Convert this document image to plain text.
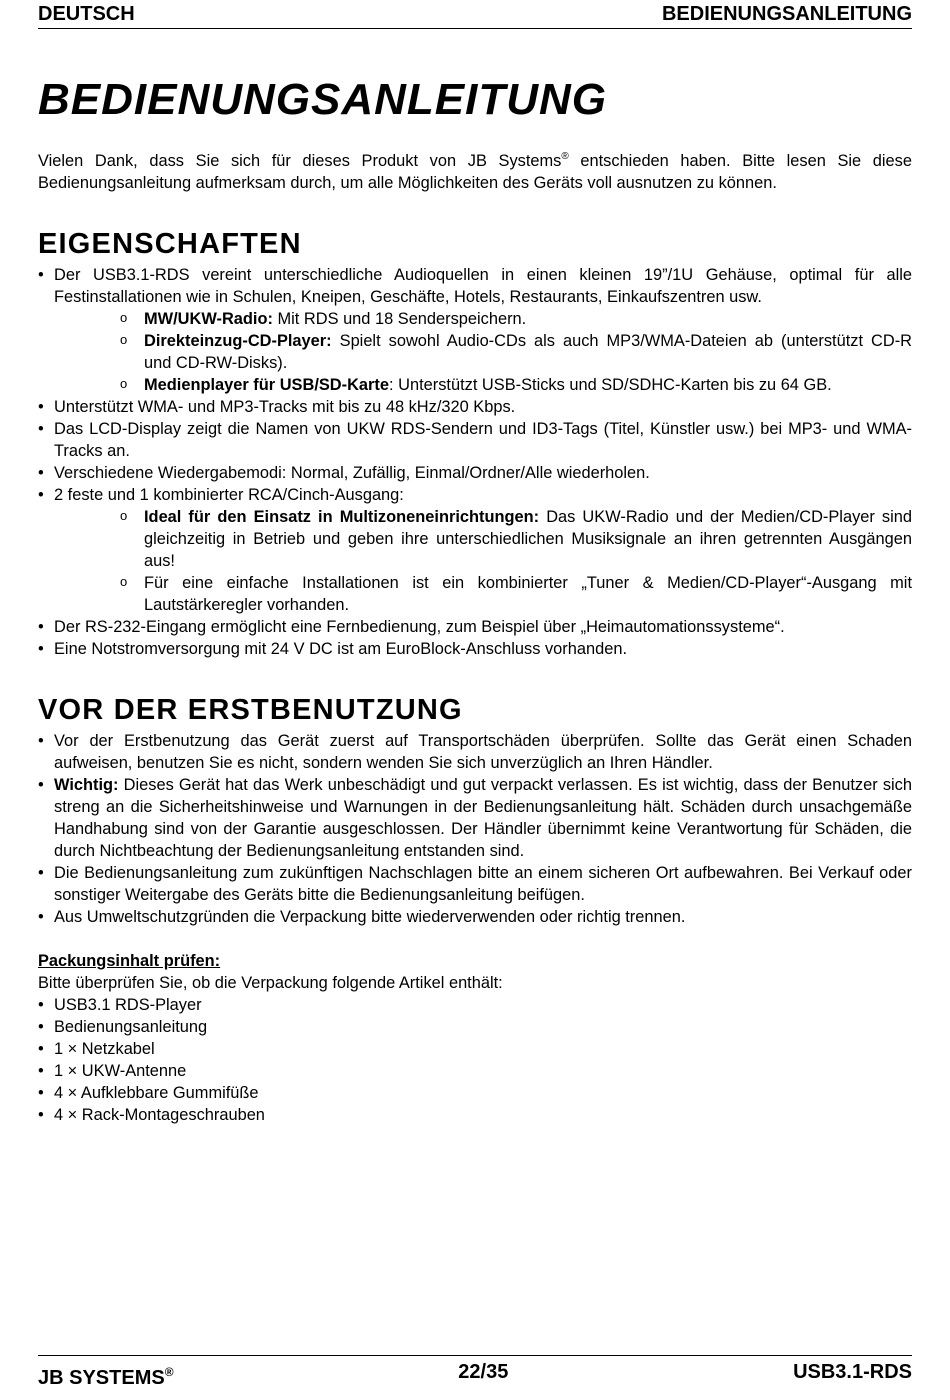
DEUTSCH	BEDIENUNGSANLEITUNG
BEDIENUNGSANLEITUNG

Vielen Dank, dass Sie sich für dieses Produkt von JB Systems® entschieden haben. Bitte lesen Sie diese Bedienungsanleitung aufmerksam durch, um alle Möglichkeiten des Geräts voll ausnutzen zu können.

EIGENSCHAFTEN
• Der USB3.1-RDS vereint unterschiedliche Audioquellen in einen kleinen 19”/1U Gehäuse, optimal für alle Festinstallationen wie in Schulen, Kneipen, Geschäfte, Hotels, Restaurants, Einkaufszentren usw.
o MW/UKW-Radio: Mit RDS und 18 Senderspeichern.
o Direkteinzug-CD-Player: Spielt sowohl Audio-CDs als auch MP3/WMA-Dateien ab (unterstützt CD-R und CD-RW-Disks).
o Medienplayer für USB/SD-Karte: Unterstützt USB-Sticks und SD/SDHC-Karten bis zu 64 GB.
• Unterstützt WMA- und MP3-Tracks mit bis zu 48 kHz/320 Kbps.
• Das LCD-Display zeigt die Namen von UKW RDS-Sendern und ID3-Tags (Titel, Künstler usw.) bei MP3- und WMA-Tracks an.
• Verschiedene Wiedergabemodi: Normal, Zufällig, Einmal/Ordner/Alle wiederholen.
• 2 feste und 1 kombinierter RCA/Cinch-Ausgang:
o Ideal für den Einsatz in Multizoneneinrichtungen: Das UKW-Radio und der Medien/CD-Player sind gleichzeitig in Betrieb und geben ihre unterschiedlichen Musiksignale an ihren getrennten Ausgängen aus!
o Für eine einfache Installationen ist ein kombinierter „Tuner & Medien/CD-Player“-Ausgang mit Lautstärkeregler vorhanden.
• Der RS-232-Eingang ermöglicht eine Fernbedienung, zum Beispiel über „Heimautomationssysteme“.
• Eine Notstromversorgung mit 24 V DC ist am EuroBlock-Anschluss vorhanden.
VOR DER ERSTBENUTZUNG
• Vor der Erstbenutzung das Gerät zuerst auf Transportschäden überprüfen. Sollte das Gerät einen Schaden aufweisen, benutzen Sie es nicht, sondern wenden Sie sich unverzüglich an Ihren Händler.
• Wichtig: Dieses Gerät hat das Werk unbeschädigt und gut verpackt verlassen. Es ist wichtig, dass der Benutzer sich streng an die Sicherheitshinweise und Warnungen in der Bedienungsanleitung hält. Schäden durch unsachgemäße Handhabung sind von der Garantie ausgeschlossen. Der Händler übernimmt keine Verantwortung für Schäden, die durch Nichtbeachtung der Bedienungsanleitung entstanden sind.
• Die Bedienungsanleitung zum zukünftigen Nachschlagen bitte an einem sicheren Ort aufbewahren. Bei Verkauf oder sonstiger Weitergabe des Geräts bitte die Bedienungsanleitung beifügen.
• Aus Umweltschutzgründen die Verpackung bitte wiederverwenden oder richtig trennen.
Packungsinhalt prüfen:
Bitte überprüfen Sie, ob die Verpackung folgende Artikel enthält:
• USB3.1 RDS-Player
• Bedienungsanleitung
• 1 × Netzkabel
• 1 × UKW-Antenne
• 4 × Aufklebbare Gummifüße
• 4 × Rack-Montageschrauben
JB SYSTEMS®	22/35	USB3.1-RDS
